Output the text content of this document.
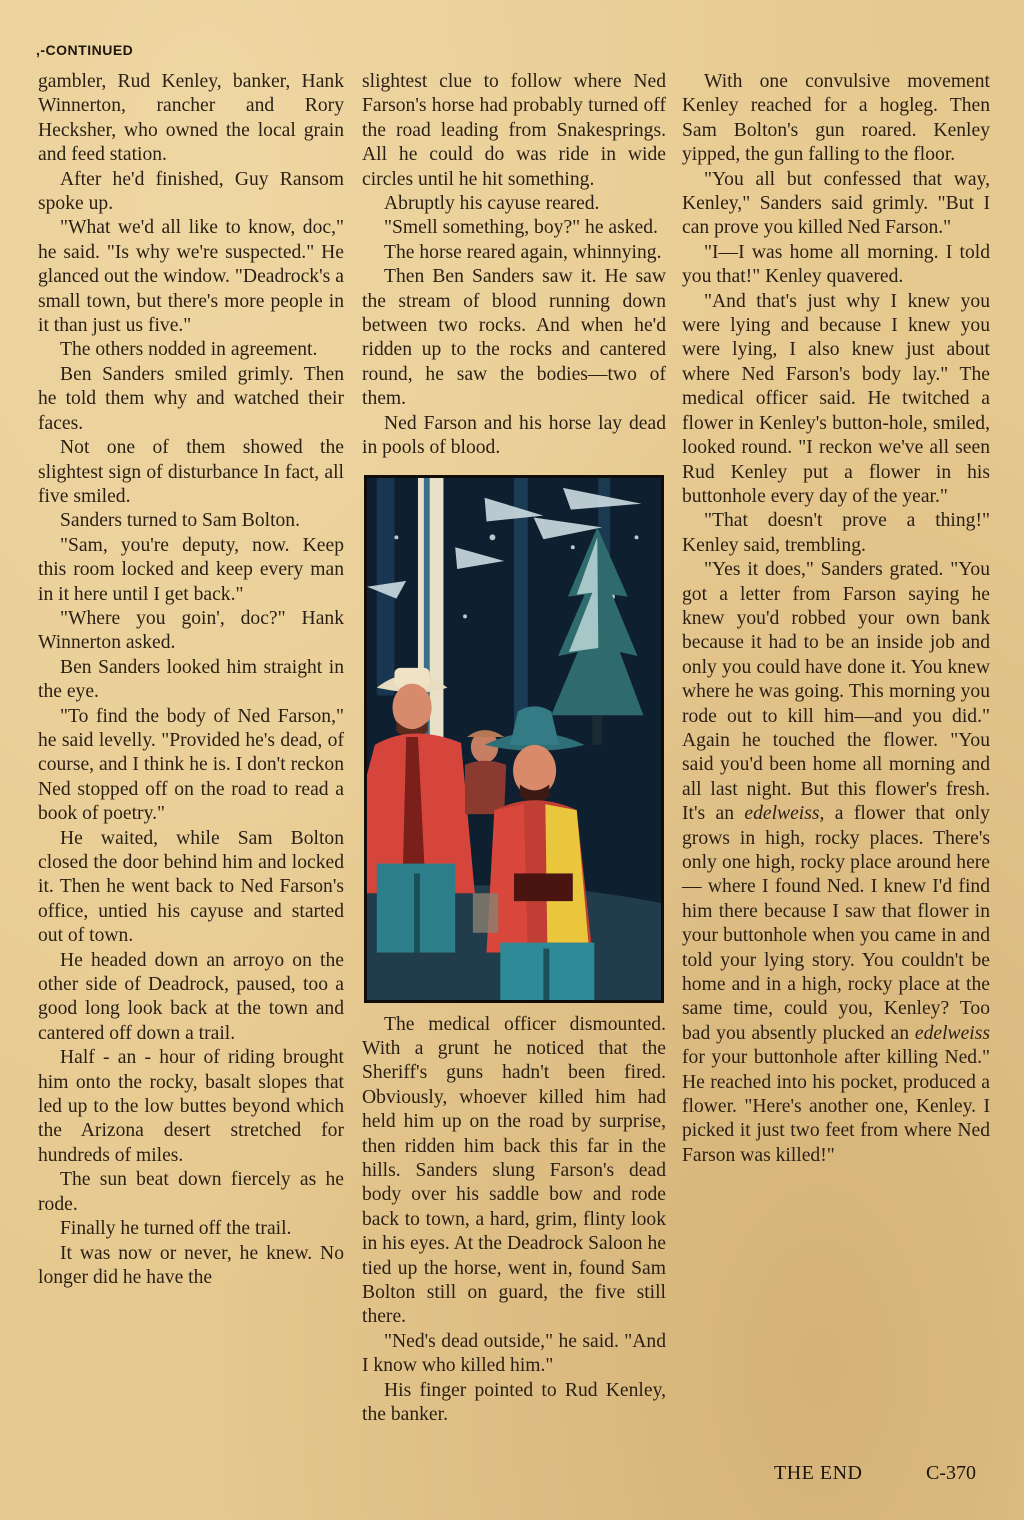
,-CONTINUED

gambler, Rud Kenley, banker, Hank Winnerton, rancher and Rory Hecksher, who owned the local grain and feed station.

After he'd finished, Guy Ransom spoke up.

"What we'd all like to know, doc," he said. "Is why we're suspected." He glanced out the window. "Deadrock's a small town, but there's more people in it than just us five."

The others nodded in agreement.

Ben Sanders smiled grimly. Then he told them why and watched their faces.

Not one of them showed the slightest sign of disturbance In fact, all five smiled.

Sanders turned to Sam Bolton.

"Sam, you're deputy, now. Keep this room locked and keep every man in it here until I get back."

"Where you goin', doc?" Hank Winnerton asked.

Ben Sanders looked him straight in the eye.

"To find the body of Ned Farson," he said levelly. "Provided he's dead, of course, and I think he is. I don't reckon Ned stopped off on the road to read a book of poetry."

He waited, while Sam Bolton closed the door behind him and locked it. Then he went back to Ned Farson's office, untied his cayuse and started out of town.

He headed down an arroyo on the other side of Deadrock, paused, too a good long look back at the town and cantered off down a trail.

Half - an - hour of riding brought him onto the rocky, basalt slopes that led up to the low buttes beyond which the Arizona desert stretched for hundreds of miles.

The sun beat down fiercely as he rode.

Finally he turned off the trail.

It was now or never, he knew. No longer did he have the

slightest clue to follow where Ned Farson's horse had probably turned off the road leading from Snakesprings. All he could do was ride in wide circles until he hit something.

Abruptly his cayuse reared.

"Smell something, boy?" he asked.

The horse reared again, whinnying.

Then Ben Sanders saw it. He saw the stream of blood running down between two rocks. And when he'd ridden up to the rocks and cantered round, he saw the bodies—two of them.

Ned Farson and his horse lay dead in pools of blood.

The medical officer dismounted. With a grunt he noticed that the Sheriff's guns hadn't been fired. Obviously, whoever killed him had held him up on the road by surprise, then ridden him back this far in the hills. Sanders slung Farson's dead body over his saddle bow and rode back to town, a hard, grim, flinty look in his eyes. At the Deadrock Saloon he tied up the horse, went in, found Sam Bolton still on guard, the five still there.

"Ned's dead outside," he said. "And I know who killed him."

His finger pointed to Rud Kenley, the banker.

With one convulsive movement Kenley reached for a hogleg. Then Sam Bolton's gun roared. Kenley yipped, the gun falling to the floor.

"You all but confessed that way, Kenley," Sanders said grimly. "But I can prove you killed Ned Farson."

"I—I was home all morning. I told you that!" Kenley quavered.

"And that's just why I knew you were lying and because I knew you were lying, I also knew just about where Ned Farson's body lay." The medical officer said. He twitched a flower in Kenley's button-hole, smiled, looked round. "I reckon we've all seen Rud Kenley put a flower in his buttonhole every day of the year."

"That doesn't prove a thing!" Kenley said, trembling.

"Yes it does," Sanders grated. "You got a letter from Farson saying he knew you'd robbed your own bank because it had to be an inside job and only you could have done it. You knew where he was going. This morning you rode out to kill him—and you did." Again he touched the flower. "You said you'd been home all morning and all last night. But this flower's fresh. It's an edelweiss, a flower that only grows in high, rocky places. There's only one high, rocky place around here — where I found Ned. I knew I'd find him there because I saw that flower in your buttonhole when you came in and told your lying story. You couldn't be home and in a high, rocky place at the same time, could you, Kenley? Too bad you absently plucked an edelweiss for your buttonhole after killing Ned." He reached into his pocket, produced a flower. "Here's another one, Kenley. I picked it just two feet from where Ned Farson was killed!"

THE END	C-370
